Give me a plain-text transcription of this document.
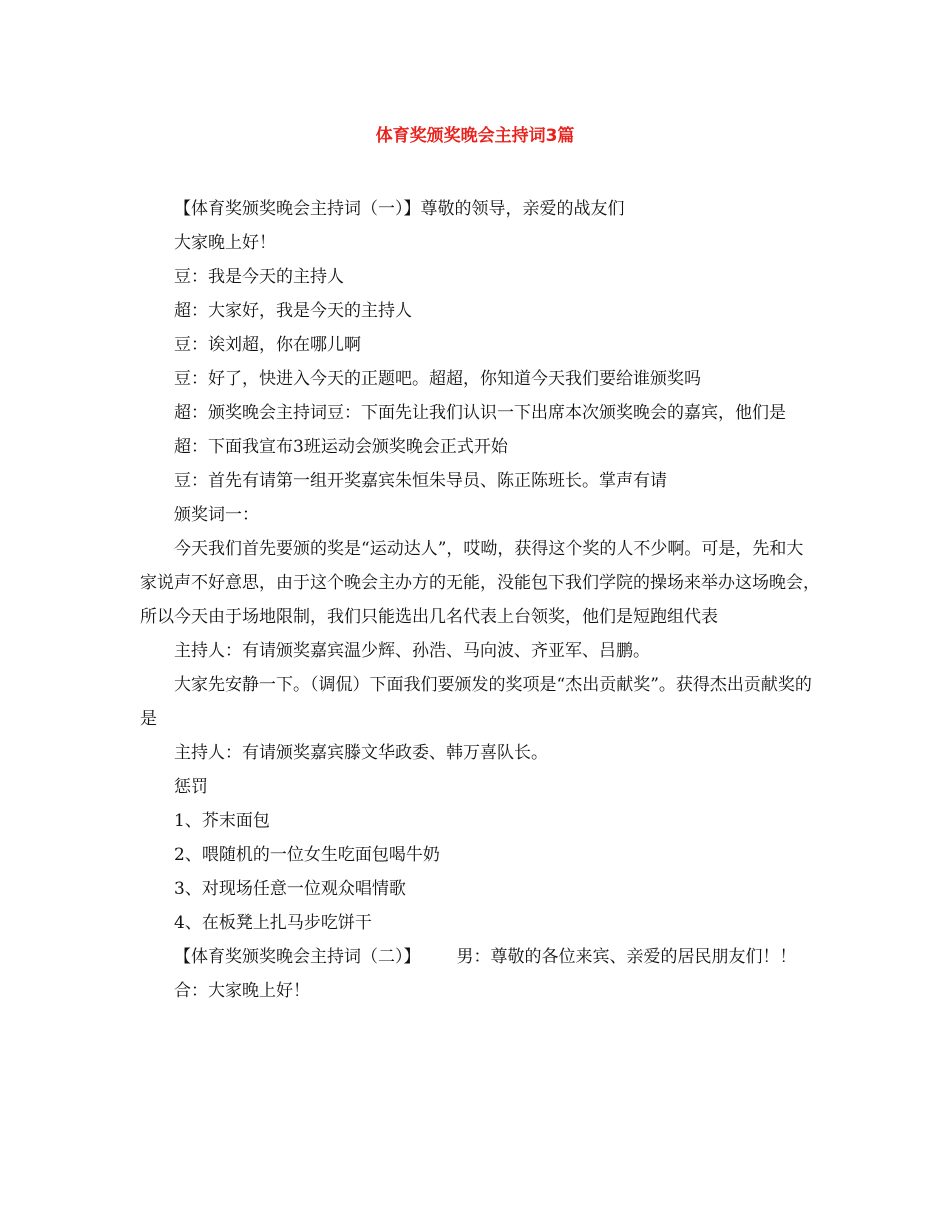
体育奖颁奖晚会主持词3篇

【体育奖颁奖晚会主持词（一）】尊敬的领导，亲爱的战友们

大家晚上好！

豆：我是今天的主持人

超：大家好，我是今天的主持人

豆：诶刘超，你在哪儿啊

豆：好了，快进入今天的正题吧。超超，你知道今天我们要给谁颁奖吗

超：颁奖晚会主持词豆：下面先让我们认识一下出席本次颁奖晚会的嘉宾，他们是

超：下面我宣布3班运动会颁奖晚会正式开始

豆：首先有请第一组开奖嘉宾朱恒朱导员、陈正陈班长。掌声有请

颁奖词一：

今天我们首先要颁的奖是“运动达人”，哎呦，获得这个奖的人不少啊。可是，先和大家说声不好意思，由于这个晚会主办方的无能，没能包下我们学院的操场来举办这场晚会，所以今天由于场地限制，我们只能选出几名代表上台领奖，他们是短跑组代表

主持人：有请颁奖嘉宾温少辉、孙浩、马向波、齐亚军、吕鹏。

大家先安静一下。（调侃）下面我们要颁发的奖项是“杰出贡献奖”。获得杰出贡献奖的是

主持人：有请颁奖嘉宾滕文华政委、韩万喜队长。

惩罚

1、芥末面包

2、喂随机的一位女生吃面包喝牛奶

3、对现场任意一位观众唱情歌

4、在板凳上扎马步吃饼干

【体育奖颁奖晚会主持词（二）】 男：尊敬的各位来宾、亲爱的居民朋友们！！

合：大家晚上好！
